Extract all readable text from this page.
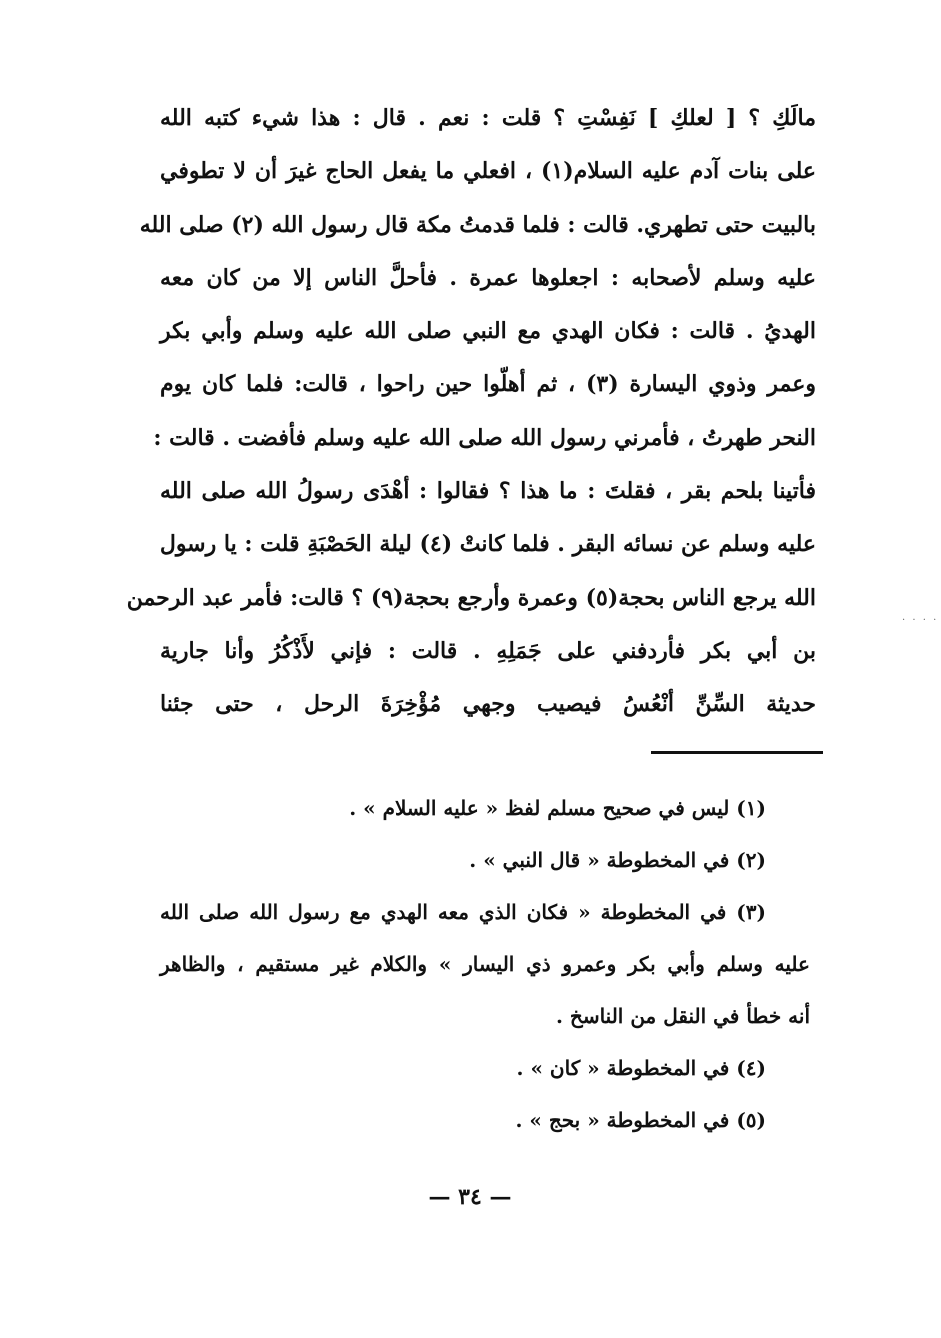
مالَكِ ؟ [ لعلكِ ] نَفِسْتِ ؟ قلت : نعم . قال : هذا شيء كتبه الله
على بنات آدم عليه السلام(١) ، افعلي ما يفعل الحاج غيرَ أن لا تطوفي
بالبيت حتى تطهري. قالت : فلما قدمتُ مكة قال رسول الله (٢) صلى الله
عليه وسلم لأصحابه : اجعلوها عمرة . فأحلَّ الناس إلا من كان معه
الهديُ . قالت : فكان الهدي مع النبي صلى الله عليه وسلم وأبي بكر
وعمر وذوي اليسارة (٣) ، ثم أهلّوا حين راحوا ، قالت: فلما كان يوم
النحر طهرتُ ، فأمرني رسول الله صلى الله عليه وسلم فأفضت . قالت :
فأتينا بلحم بقر ، فقلتَ : ما هذا ؟ فقالوا : أهْدَى رسولُ الله صلى الله
عليه وسلم عن نسائه البقر . فلما كانتْ (٤) ليلة الحَصْبَةِ قلت : يا رسول
الله يرجع الناس بحجة(٥) وعمرة وأرجع بحجة(٩) ؟ قالت: فأمر عبد الرحمن
بن أبي بكر فأردفني على جَمَلِهِ . قالت : فإني لأَذْكُرُ وأنا جارية
حديثة السِّنِّ أنْعُسُ فيصيب وجهي مُؤْخِرَةَ الرحل ، حتى جئنا
(١) ليس في صحيح مسلم لفظ « عليه السلام » .
(٢) في المخطوطة « قال النبي » .
(٣) في المخطوطة « فكان الذي معه الهدي مع رسول الله صلى الله
عليه وسلم وأبي بكر وعمرو ذي اليسار » والكلام غير مستقيم ، والظاهر
أنه خطأ في النقل من الناسخ .
(٤) في المخطوطة « كان » .
(٥) في المخطوطة « بحج » .
— ٣٤ —
. . . .
